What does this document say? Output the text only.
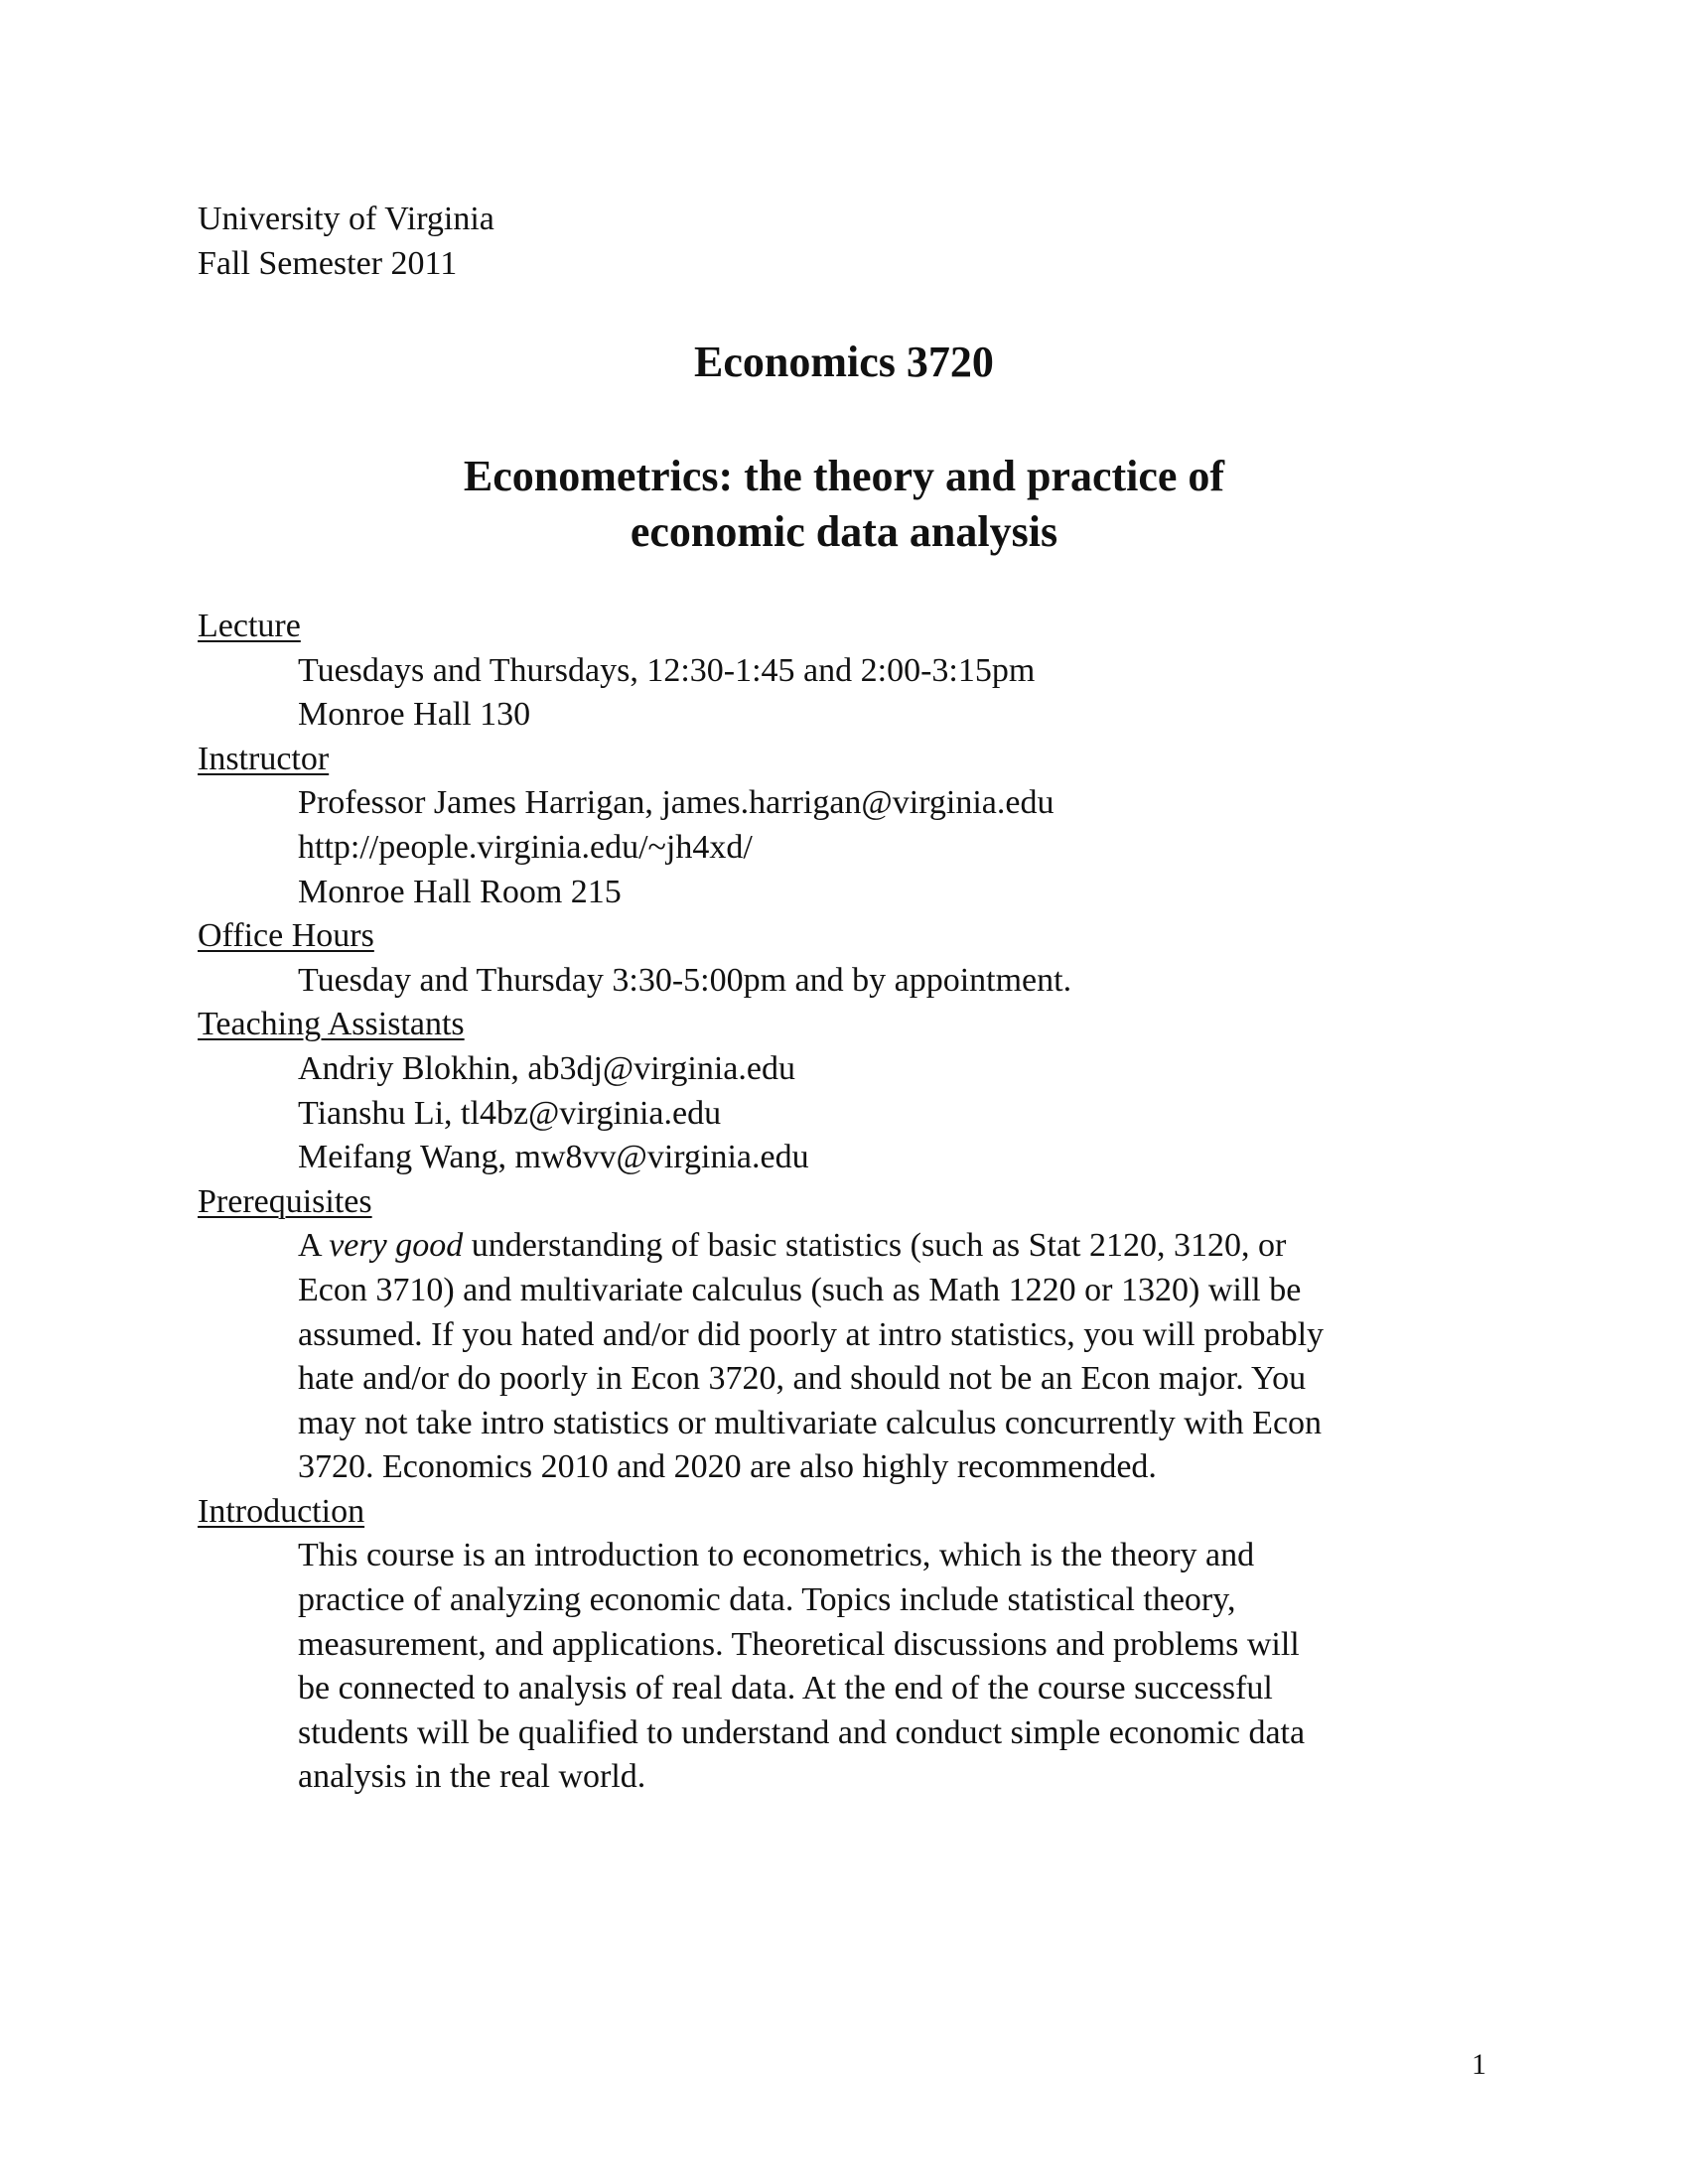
University of Virginia
Fall Semester 2011
Economics 3720
Econometrics: the theory and practice of
economic data analysis
Lecture
Tuesdays and Thursdays, 12:30-1:45 and 2:00-3:15pm
Monroe Hall 130
Instructor
Professor James Harrigan, james.harrigan@virginia.edu
http://people.virginia.edu/~jh4xd/
Monroe Hall Room 215
Office Hours
Tuesday and Thursday 3:30-5:00pm and by appointment.
Teaching Assistants
Andriy Blokhin, ab3dj@virginia.edu
Tianshu Li, tl4bz@virginia.edu
Meifang Wang, mw8vv@virginia.edu
Prerequisites
A very good understanding of basic statistics (such as Stat 2120, 3120, or
Econ 3710) and multivariate calculus (such as Math 1220 or 1320) will be
assumed. If you hated and/or did poorly at intro statistics, you will probably
hate and/or do poorly in Econ 3720, and should not be an Econ major. You
may not take intro statistics or multivariate calculus concurrently with Econ
3720. Economics 2010 and 2020 are also highly recommended.
Introduction
This course is an introduction to econometrics, which is the theory and
practice of analyzing economic data. Topics include statistical theory,
measurement, and applications. Theoretical discussions and problems will
be connected to analysis of real data. At the end of the course successful
students will be qualified to understand and conduct simple economic data
analysis in the real world.
1
